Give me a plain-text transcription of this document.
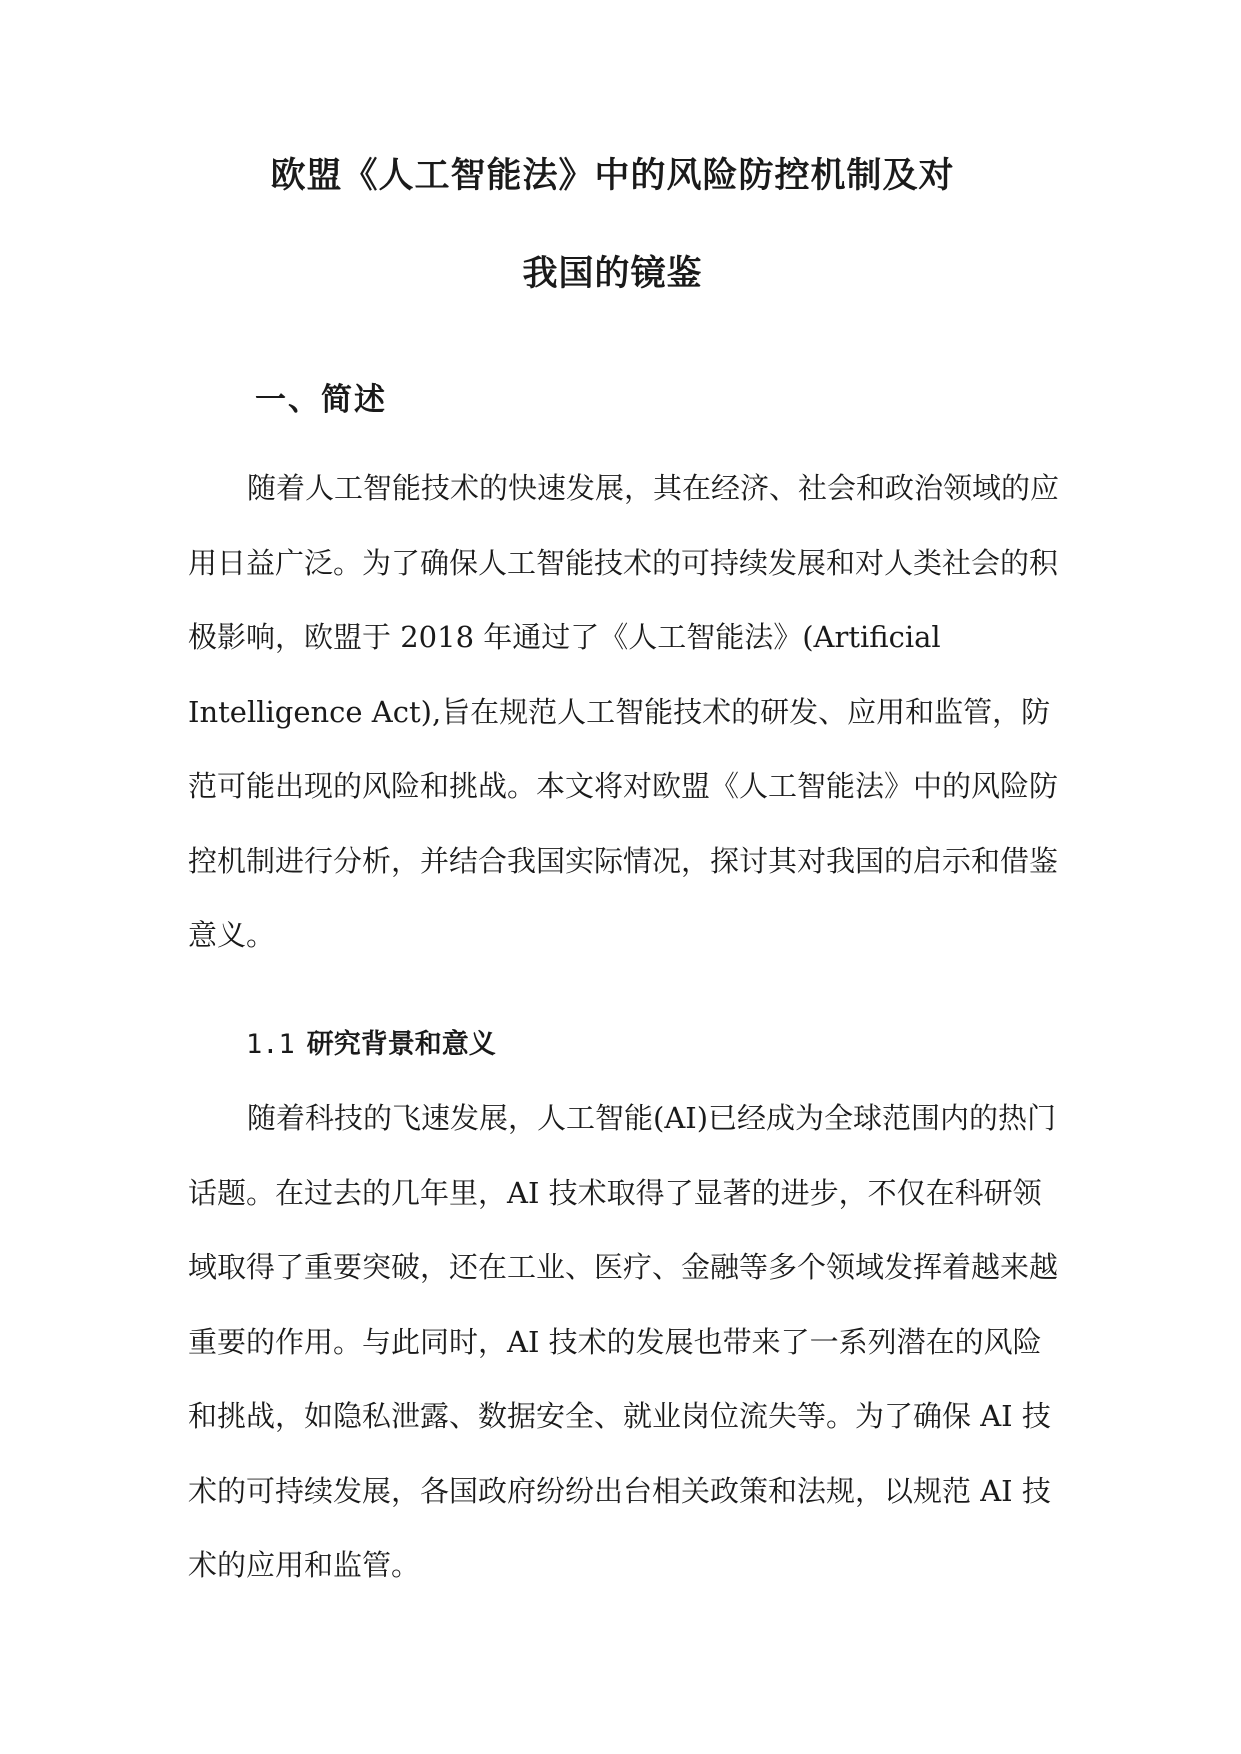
欧盟《人工智能法》中的风险防控机制及对
我国的镜鉴
一、简述
随着人工智能技术的快速发展，其在经济、社会和政治领域的应
用日益广泛。为了确保人工智能技术的可持续发展和对人类社会的积
极影响，欧盟于 2018 年通过了《人工智能法》(Artificial
Intelligence Act),旨在规范人工智能技术的研发、应用和监管，防
范可能出现的风险和挑战。本文将对欧盟《人工智能法》中的风险防
控机制进行分析，并结合我国实际情况，探讨其对我国的启示和借鉴
意义。
1.1 研究背景和意义
随着科技的飞速发展，人工智能(AI)已经成为全球范围内的热门
话题。在过去的几年里，AI 技术取得了显著的进步，不仅在科研领
域取得了重要突破，还在工业、医疗、金融等多个领域发挥着越来越
重要的作用。与此同时，AI 技术的发展也带来了一系列潜在的风险
和挑战，如隐私泄露、数据安全、就业岗位流失等。为了确保 AI 技
术的可持续发展，各国政府纷纷出台相关政策和法规，以规范 AI 技
术的应用和监管。
